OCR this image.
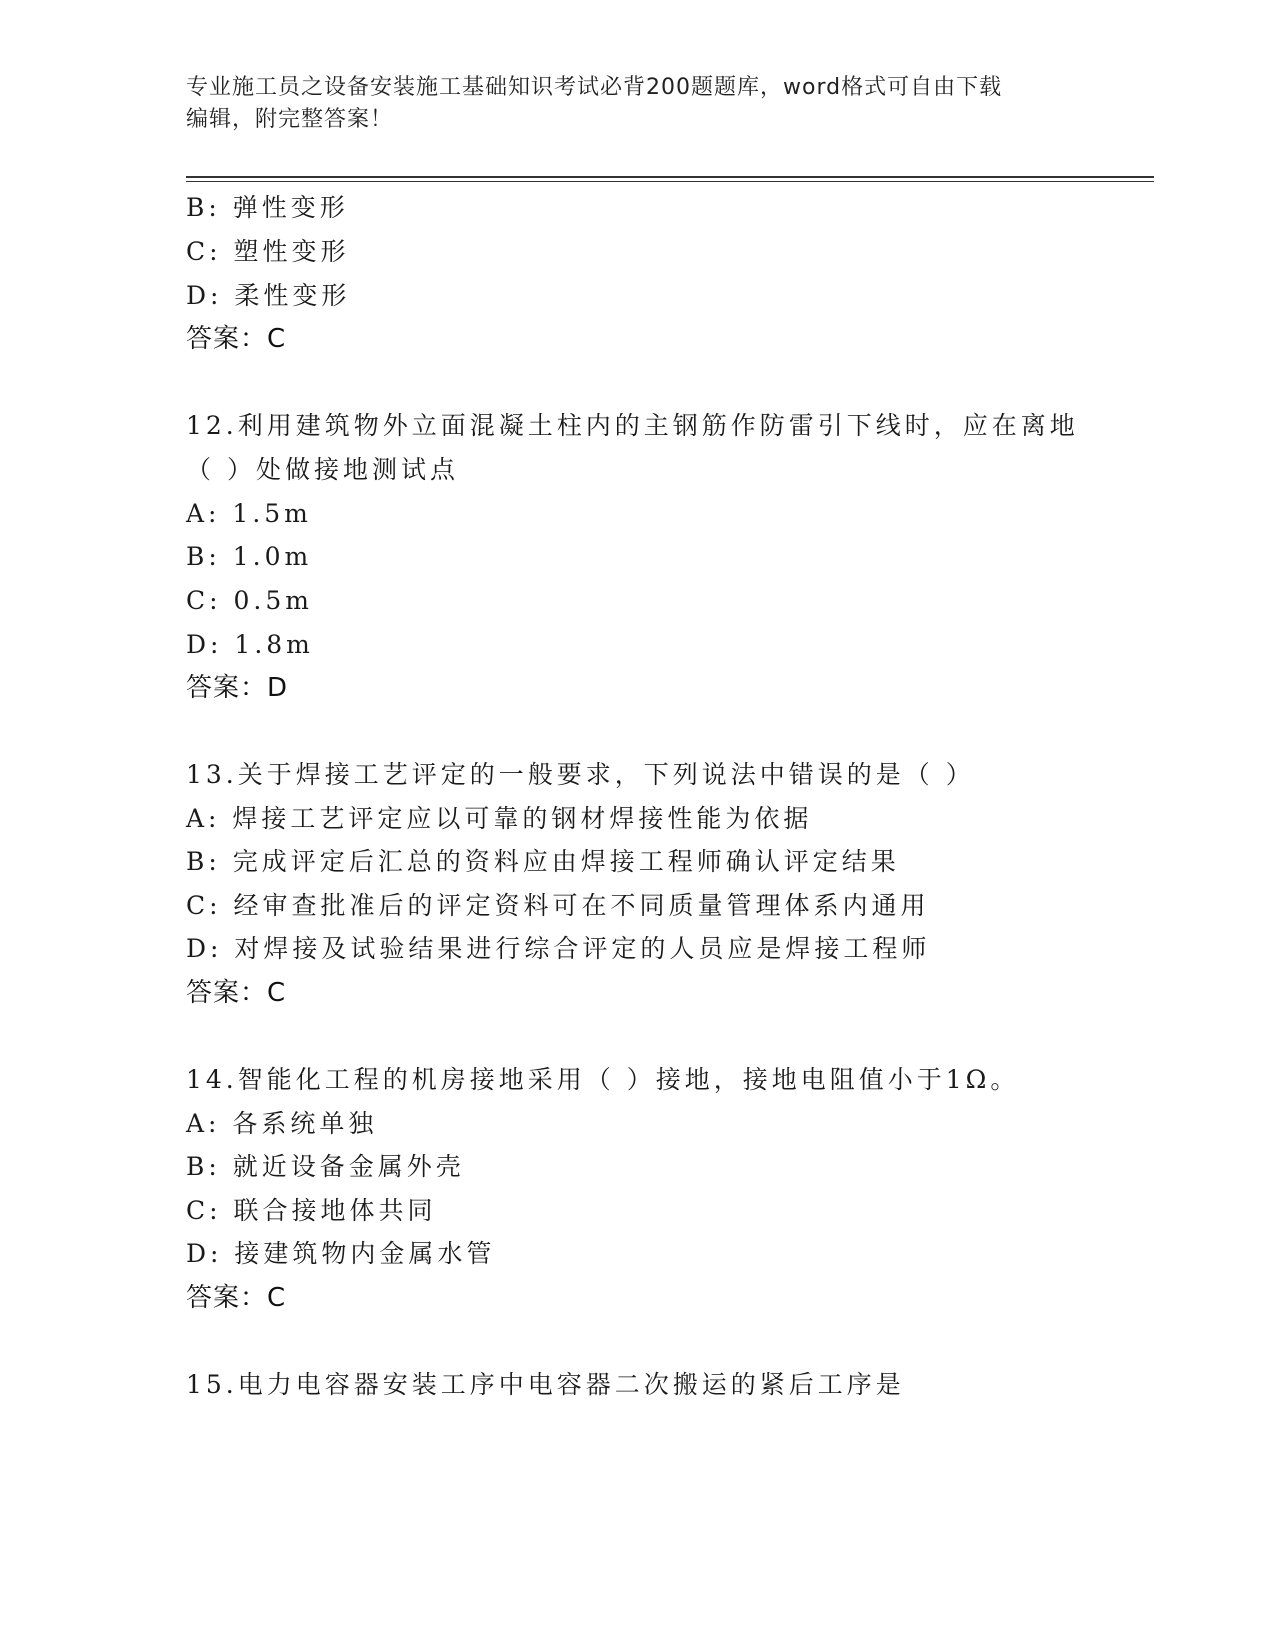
专业施工员之设备安装施工基础知识考试必背200题题库，word格式可自由下载
编辑，附完整答案！
B: 弹性变形
C: 塑性变形
D: 柔性变形
答案：C
12.利用建筑物外立面混凝土柱内的主钢筋作防雷引下线时，应在离地
（ ）处做接地测试点
A: 1.5m
B: 1.0m
C: 0.5m
D: 1.8m
答案：D
13.关于焊接工艺评定的一般要求，下列说法中错误的是（ ）
A: 焊接工艺评定应以可靠的钢材焊接性能为依据
B: 完成评定后汇总的资料应由焊接工程师确认评定结果
C: 经审查批准后的评定资料可在不同质量管理体系内通用
D: 对焊接及试验结果进行综合评定的人员应是焊接工程师
答案：C
14.智能化工程的机房接地采用（ ）接地，接地电阻值小于1Ω。
A: 各系统单独
B: 就近设备金属外壳
C: 联合接地体共同
D: 接建筑物内金属水管
答案：C
15.电力电容器安装工序中电容器二次搬运的紧后工序是
